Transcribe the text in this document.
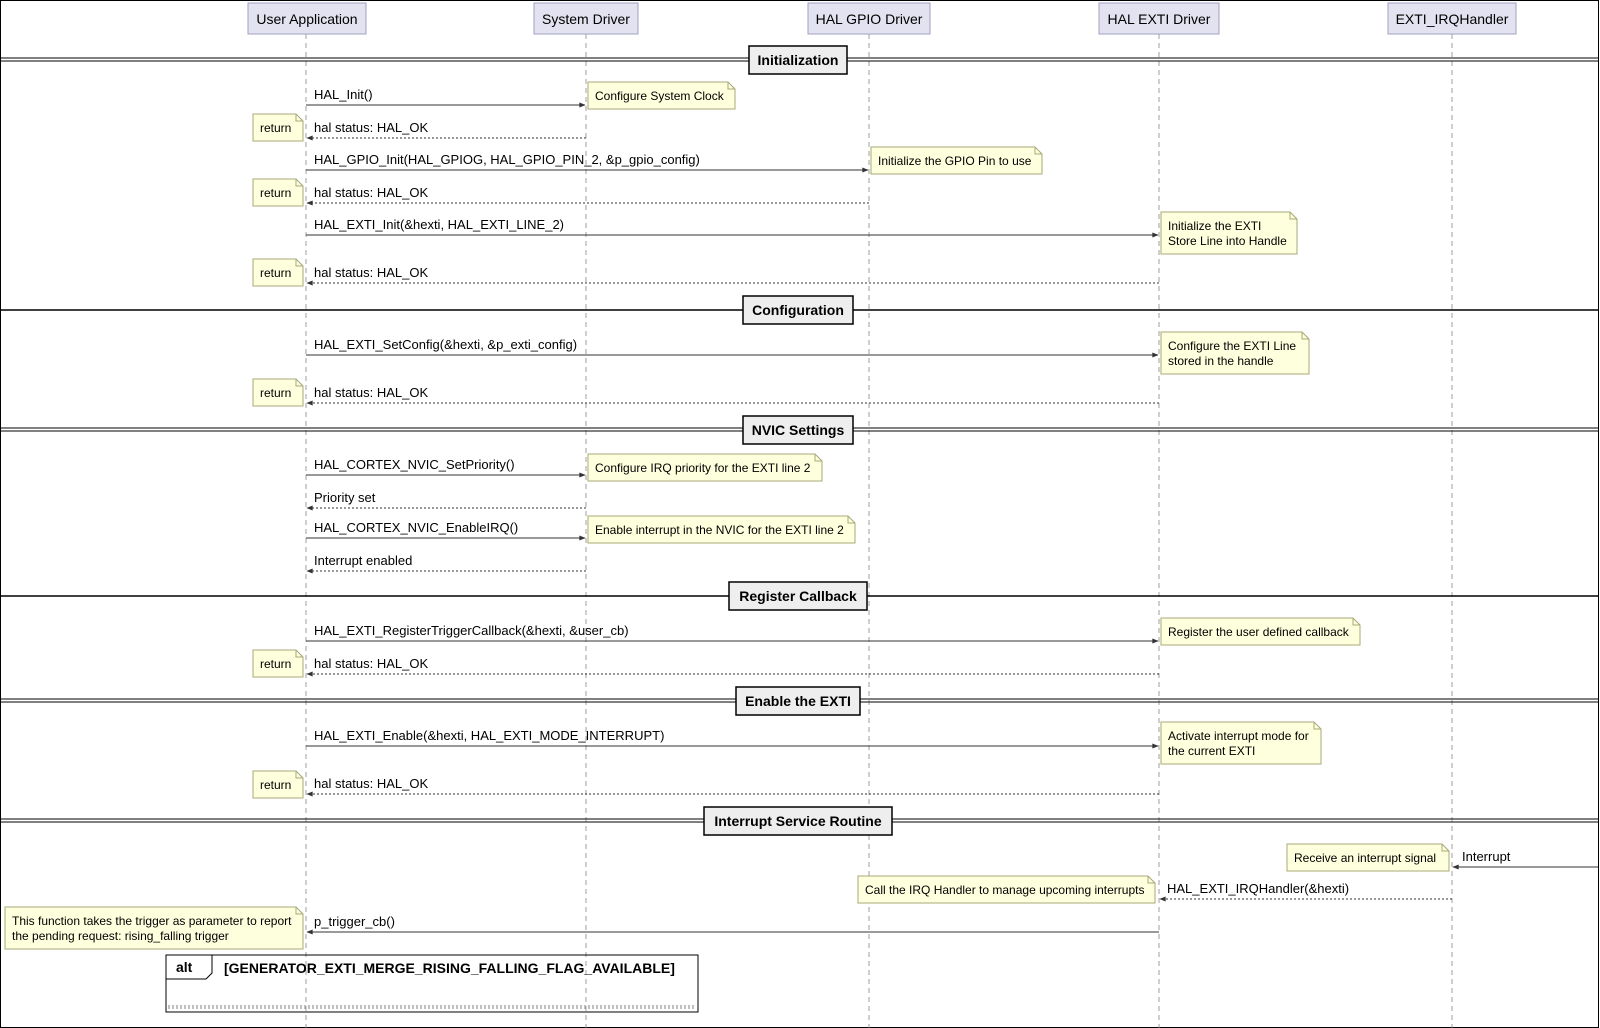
Initialization
Configuration
NVIC Settings
Register Callback
Enable the EXTI
Interrupt Service Routine
HAL_Init()
hal status: HAL_OK
HAL_GPIO_Init(HAL_GPIOG, HAL_GPIO_PIN_2, &p_gpio_config)
hal status: HAL_OK
HAL_EXTI_Init(&hexti, HAL_EXTI_LINE_2)
hal status: HAL_OK
HAL_EXTI_SetConfig(&hexti, &p_exti_config)
hal status: HAL_OK
HAL_CORTEX_NVIC_SetPriority()
Priority set
HAL_CORTEX_NVIC_EnableIRQ()
Interrupt enabled
HAL_EXTI_RegisterTriggerCallback(&hexti, &user_cb)
hal status: HAL_OK
HAL_EXTI_Enable(&hexti, HAL_EXTI_MODE_INTERRUPT)
hal status: HAL_OK
Interrupt
HAL_EXTI_IRQHandler(&hexti)
p_trigger_cb()
Configure System Clock
return
Initialize the GPIO Pin to use
return
Initialize the EXTI
Store Line into Handle
return
Configure the EXTI Line
stored in the handle
return
Configure IRQ priority for the EXTI line 2
Enable interrupt in the NVIC for the EXTI line 2
Register the user defined callback
return
Activate interrupt mode for
the current EXTI
return
Receive an interrupt signal
Call the IRQ Handler to manage upcoming interrupts
This function takes the trigger as parameter to report
the pending request: rising_falling trigger
alt [GENERATOR_EXTI_MERGE_RISING_FALLING_FLAG_AVAILABLE]
User Application	System Driver	HAL GPIO Driver	HAL EXTI Driver	EXTI_IRQHandler
